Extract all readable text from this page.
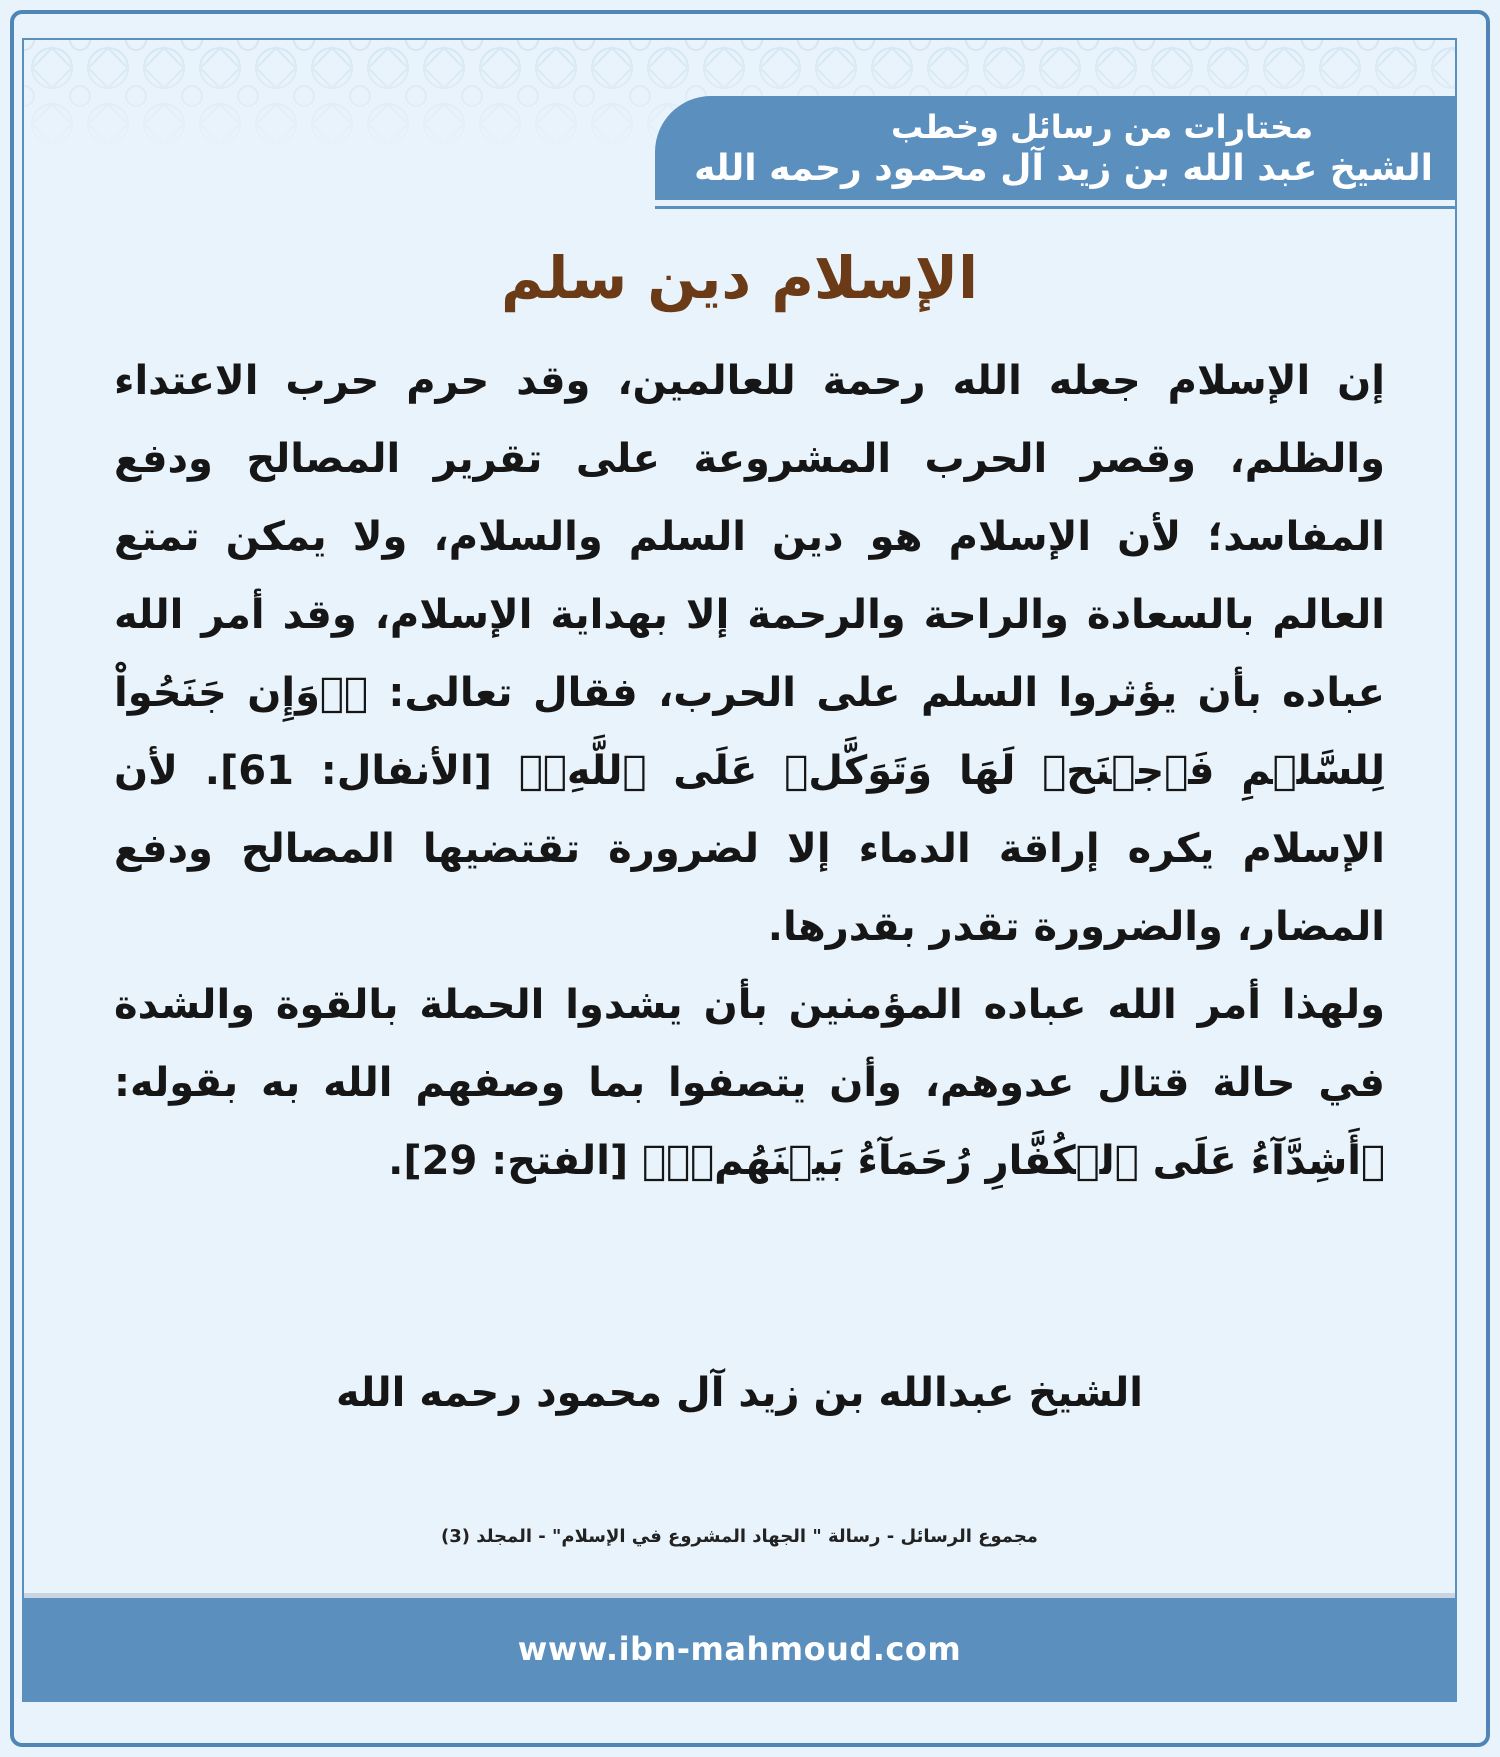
مختارات من رسائل وخطب
الشيخ عبد الله بن زيد آل محمود رحمه الله
الإسلام دين سلم

إن الإسلام جعله الله رحمة للعالمين، وقد حرم حرب الاعتداء والظلم، وقصر الحرب المشروعة على تقرير المصالح ودفع المفاسد؛ لأن الإسلام هو دين السلم والسلام، ولا يمكن تمتع العالم بالسعادة والراحة والرحمة إلا بهداية الإسلام، وقد أمر الله عباده بأن يؤثروا السلم على الحرب، فقال تعالى: ﴿۞وَإِن جَنَحُواْ لِلسَّلۡمِ فَٱجۡنَحۡ لَهَا وَتَوَكَّلۡ عَلَى ٱللَّهِۚ﴾ [الأنفال: 61]. لأن الإسلام يكره إراقة الدماء إلا لضرورة تقتضيها المصالح ودفع المضار، والضرورة تقدر بقدرها.

ولهذا أمر الله عباده المؤمنين بأن يشدوا الحملة بالقوة والشدة في حالة قتال عدوهم، وأن يتصفوا بما وصفهم الله به بقوله: ﴿أَشِدَّآءُ عَلَى ٱلۡكُفَّارِ رُحَمَآءُ بَيۡنَهُمۡۖ﴾ [الفتح: 29].

الشيخ عبدالله بن زيد آل محمود رحمه الله
مجموع الرسائل - رسالة " الجهاد المشروع في الإسلام" - المجلد (3)
www.ibn-mahmoud.com
